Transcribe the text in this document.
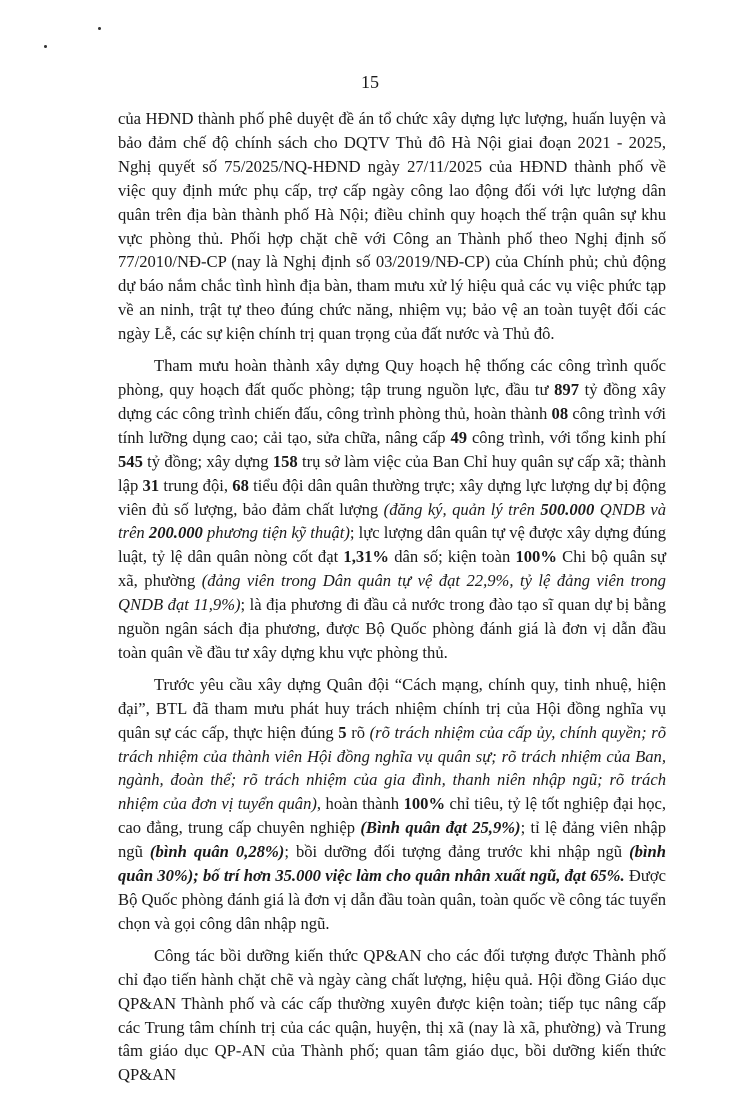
15

của HĐND thành phố phê duyệt đề án tổ chức xây dựng lực lượng, huấn luyện và bảo đảm chế độ chính sách cho DQTV Thủ đô Hà Nội giai đoạn 2021 - 2025, Nghị quyết số 75/2025/NQ-HĐND ngày 27/11/2025 của HĐND thành phố về việc quy định mức phụ cấp, trợ cấp ngày công lao động đối với lực lượng dân quân trên địa bàn thành phố Hà Nội; điều chỉnh quy hoạch thế trận quân sự khu vực phòng thủ. Phối hợp chặt chẽ với Công an Thành phố theo Nghị định số 77/2010/NĐ-CP (nay là Nghị định số 03/2019/NĐ-CP) của Chính phủ; chủ động dự báo nắm chắc tình hình địa bàn, tham mưu xử lý hiệu quả các vụ việc phức tạp về an ninh, trật tự theo đúng chức năng, nhiệm vụ; bảo vệ an toàn tuyệt đối các ngày Lễ, các sự kiện chính trị quan trọng của đất nước và Thủ đô.

Tham mưu hoàn thành xây dựng Quy hoạch hệ thống các công trình quốc phòng, quy hoạch đất quốc phòng; tập trung nguồn lực, đầu tư 897 tỷ đồng xây dựng các công trình chiến đấu, công trình phòng thủ, hoàn thành 08 công trình với tính lưỡng dụng cao; cải tạo, sửa chữa, nâng cấp 49 công trình, với tổng kinh phí 545 tỷ đồng; xây dựng 158 trụ sở làm việc của Ban Chỉ huy quân sự cấp xã; thành lập 31 trung đội, 68 tiểu đội dân quân thường trực; xây dựng lực lượng dự bị động viên đủ số lượng, bảo đảm chất lượng (đăng ký, quản lý trên 500.000 QNDB và trên 200.000 phương tiện kỹ thuật); lực lượng dân quân tự vệ được xây dựng đúng luật, tỷ lệ dân quân nòng cốt đạt 1,31% dân số; kiện toàn 100% Chi bộ quân sự xã, phường (đảng viên trong Dân quân tự vệ đạt 22,9%, tỷ lệ đảng viên trong QNDB đạt 11,9%); là địa phương đi đầu cả nước trong đào tạo sĩ quan dự bị bằng nguồn ngân sách địa phương, được Bộ Quốc phòng đánh giá là đơn vị dẫn đầu toàn quân về đầu tư xây dựng khu vực phòng thủ.

Trước yêu cầu xây dựng Quân đội “Cách mạng, chính quy, tinh nhuệ, hiện đại”, BTL đã tham mưu phát huy trách nhiệm chính trị của Hội đồng nghĩa vụ quân sự các cấp, thực hiện đúng 5 rõ (rõ trách nhiệm của cấp ủy, chính quyền; rõ trách nhiệm của thành viên Hội đồng nghĩa vụ quân sự; rõ trách nhiệm của Ban, ngành, đoàn thể; rõ trách nhiệm của gia đình, thanh niên nhập ngũ; rõ trách nhiệm của đơn vị tuyển quân), hoàn thành 100% chỉ tiêu, tỷ lệ tốt nghiệp đại học, cao đẳng, trung cấp chuyên nghiệp (Bình quân đạt 25,9%); tỉ lệ đảng viên nhập ngũ (bình quân 0,28%); bồi dưỡng đối tượng đảng trước khi nhập ngũ (bình quân 30%); bố trí hơn 35.000 việc làm cho quân nhân xuất ngũ, đạt 65%. Được Bộ Quốc phòng đánh giá là đơn vị dẫn đầu toàn quân, toàn quốc về công tác tuyển chọn và gọi công dân nhập ngũ.

Công tác bồi dưỡng kiến thức QP&AN cho các đối tượng được Thành phố chỉ đạo tiến hành chặt chẽ và ngày càng chất lượng, hiệu quả. Hội đồng Giáo dục QP&AN Thành phố và các cấp thường xuyên được kiện toàn; tiếp tục nâng cấp các Trung tâm chính trị của các quận, huyện, thị xã (nay là xã, phường) và Trung tâm giáo dục QP-AN của Thành phố; quan tâm giáo dục, bồi dưỡng kiến thức QP&AN
